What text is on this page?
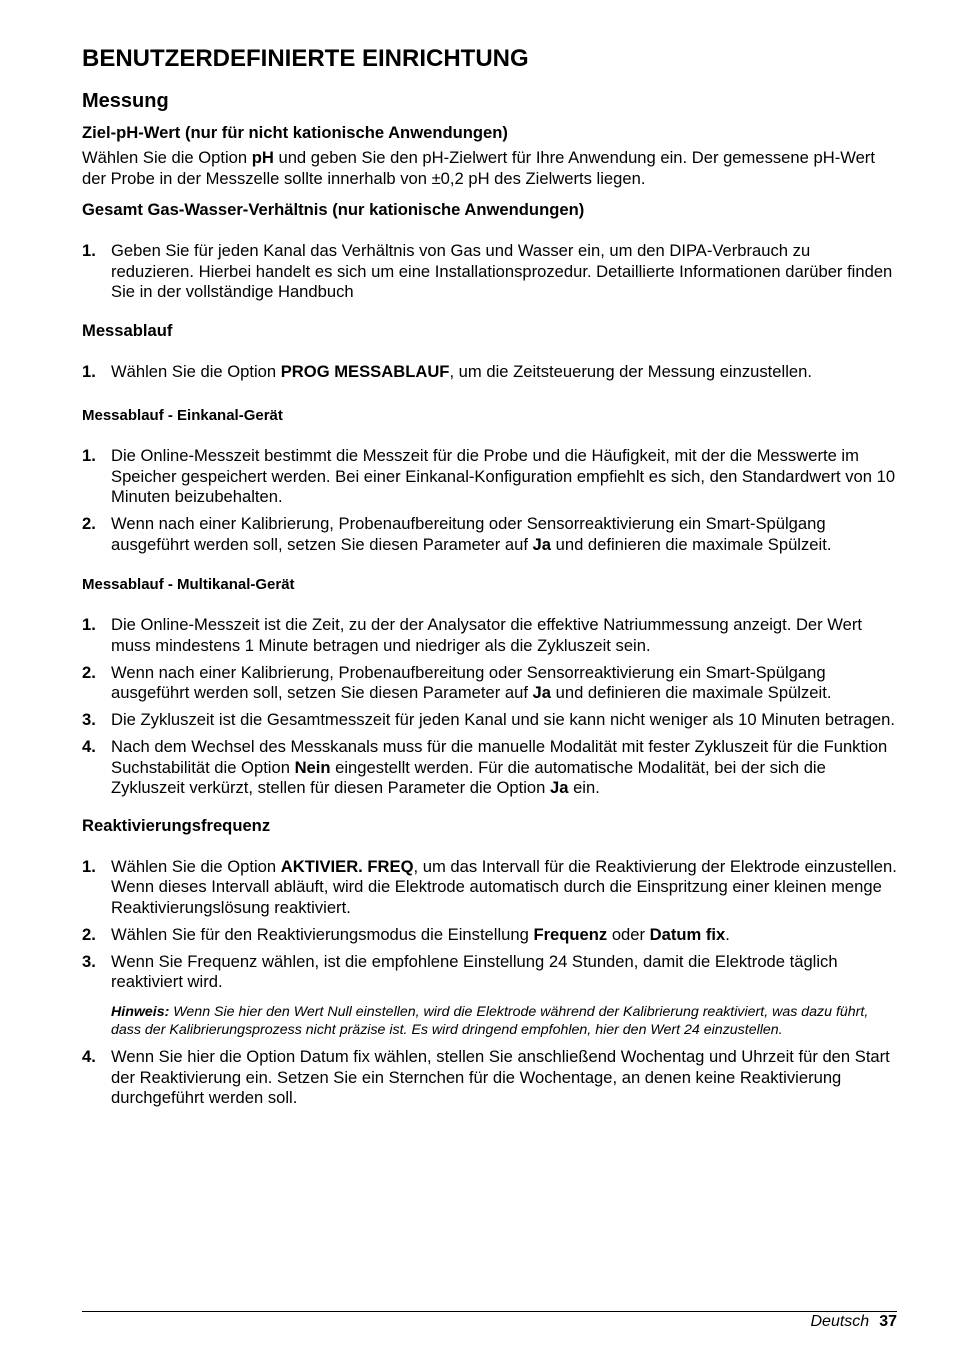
BENUTZERDEFINIERTE EINRICHTUNG
Messung
Ziel-pH-Wert (nur für nicht kationische Anwendungen)

Wählen Sie die Option pH und geben Sie den pH-Zielwert für Ihre Anwendung ein. Der gemessene pH-Wert der Probe in der Messzelle sollte innerhalb von ±0,2 pH des Zielwerts liegen.

Gesamt Gas-Wasser-Verhältnis (nur kationische Anwendungen)
1. Geben Sie für jeden Kanal das Verhältnis von Gas und Wasser ein, um den DIPA-Verbrauch zu reduzieren. Hierbei handelt es sich um eine Installationsprozedur. Detaillierte Informationen darüber finden Sie in der vollständige Handbuch
Messablauf
1. Wählen Sie die Option PROG MESSABLAUF, um die Zeitsteuerung der Messung einzustellen.
Messablauf - Einkanal-Gerät
1. Die Online-Messzeit bestimmt die Messzeit für die Probe und die Häufigkeit, mit der die Messwerte im Speicher gespeichert werden. Bei einer Einkanal-Konfiguration empfiehlt es sich, den Standardwert von 10 Minuten beizubehalten.
2. Wenn nach einer Kalibrierung, Probenaufbereitung oder Sensorreaktivierung ein Smart-Spülgang ausgeführt werden soll, setzen Sie diesen Parameter auf Ja und definieren die maximale Spülzeit.
Messablauf - Multikanal-Gerät
1. Die Online-Messzeit ist die Zeit, zu der der Analysator die effektive Natriummessung anzeigt. Der Wert muss mindestens 1 Minute betragen und niedriger als die Zykluszeit sein.
2. Wenn nach einer Kalibrierung, Probenaufbereitung oder Sensorreaktivierung ein Smart-Spülgang ausgeführt werden soll, setzen Sie diesen Parameter auf Ja und definieren die maximale Spülzeit.
3. Die Zykluszeit ist die Gesamtmesszeit für jeden Kanal und sie kann nicht weniger als 10 Minuten betragen.
4. Nach dem Wechsel des Messkanals muss für die manuelle Modalität mit fester Zykluszeit für die Funktion Suchstabilität die Option Nein eingestellt werden. Für die automatische Modalität, bei der sich die Zykluszeit verkürzt, stellen für diesen Parameter die Option Ja ein.
Reaktivierungsfrequenz
1. Wählen Sie die Option AKTIVIER. FREQ, um das Intervall für die Reaktivierung der Elektrode einzustellen. Wenn dieses Intervall abläuft, wird die Elektrode automatisch durch die Einspritzung einer kleinen menge Reaktivierungslösung reaktiviert.
2. Wählen Sie für den Reaktivierungsmodus die Einstellung Frequenz oder Datum fix.
3. Wenn Sie Frequenz wählen, ist die empfohlene Einstellung 24 Stunden, damit die Elektrode täglich reaktiviert wird.
Hinweis: Wenn Sie hier den Wert Null einstellen, wird die Elektrode während der Kalibrierung reaktiviert, was dazu führt, dass der Kalibrierungsprozess nicht präzise ist. Es wird dringend empfohlen, hier den Wert 24 einzustellen.
4. Wenn Sie hier die Option Datum fix wählen, stellen Sie anschließend Wochentag und Uhrzeit für den Start der Reaktivierung ein. Setzen Sie ein Sternchen für die Wochentage, an denen keine Reaktivierung durchgeführt werden soll.
Deutsch 37
